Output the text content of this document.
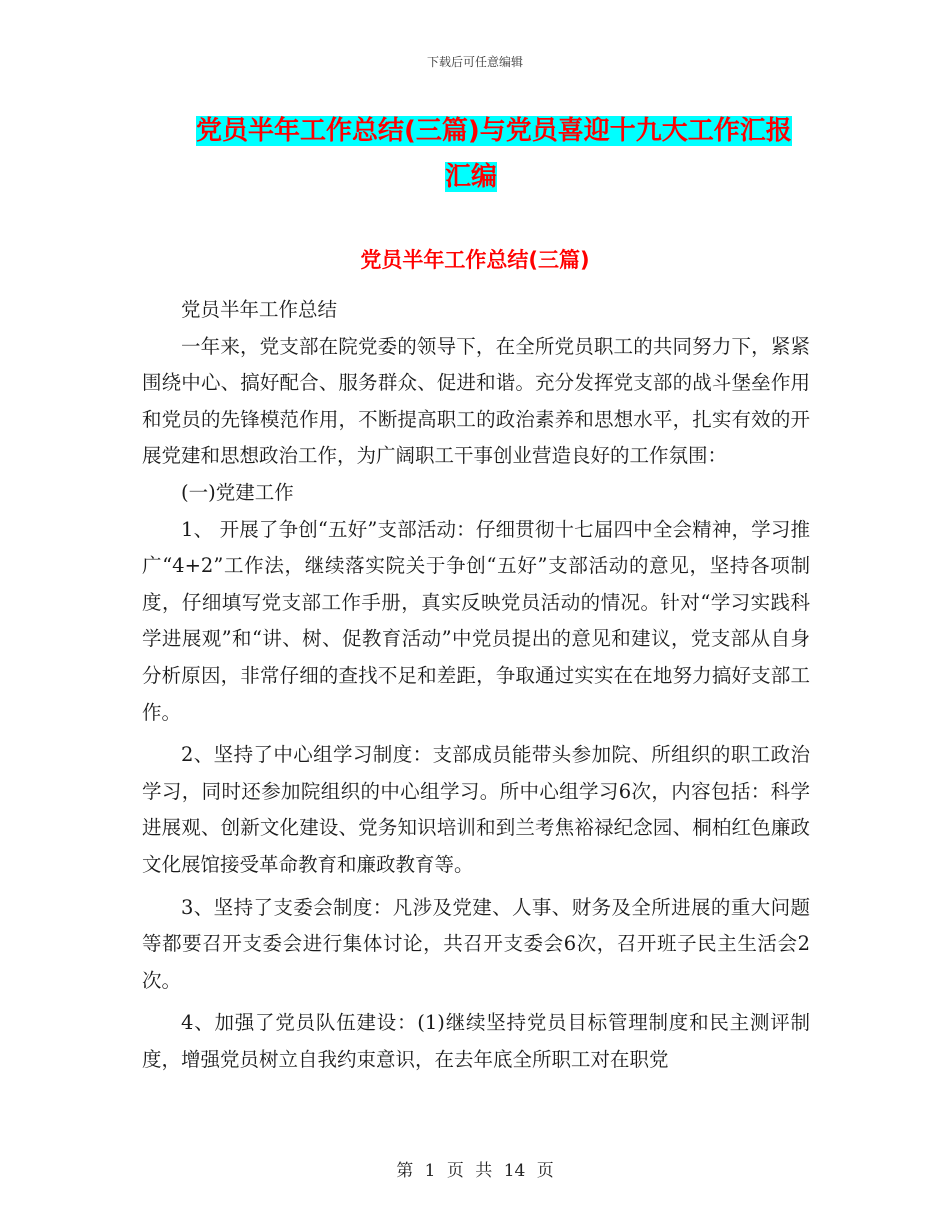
下载后可任意编辑
党员半年工作总结(三篇)与党员喜迎十九大工作汇报
汇编
党员半年工作总结(三篇)

党员半年工作总结

一年来，党支部在院党委的领导下，在全所党员职工的共同努力下，紧紧围绕中心、搞好配合、服务群众、促进和谐。充分发挥党支部的战斗堡垒作用和党员的先锋模范作用，不断提高职工的政治素养和思想水平，扎实有效的开展党建和思想政治工作，为广阔职工干事创业营造良好的工作氛围：

(一)党建工作

1、 开展了争创“五好”支部活动：仔细贯彻十七届四中全会精神，学习推广“4+2”工作法，继续落实院关于争创“五好”支部活动的意见，坚持各项制度，仔细填写党支部工作手册，真实反映党员活动的情况。针对“学习实践科学进展观”和“讲、树、促教育活动”中党员提出的意见和建议，党支部从自身分析原因，非常仔细的查找不足和差距，争取通过实实在在地努力搞好支部工作。

2、坚持了中心组学习制度：支部成员能带头参加院、所组织的职工政治学习，同时还参加院组织的中心组学习。所中心组学习6次，内容包括：科学进展观、创新文化建设、党务知识培训和到兰考焦裕禄纪念园、桐柏红色廉政文化展馆接受革命教育和廉政教育等。

3、坚持了支委会制度：凡涉及党建、人事、财务及全所进展的重大问题等都要召开支委会进行集体讨论，共召开支委会6次，召开班子民主生活会2次。

4、加强了党员队伍建设：(1)继续坚持党员目标管理制度和民主测评制度，增强党员树立自我约束意识，在去年底全所职工对在职党

第 1 页 共 14 页
